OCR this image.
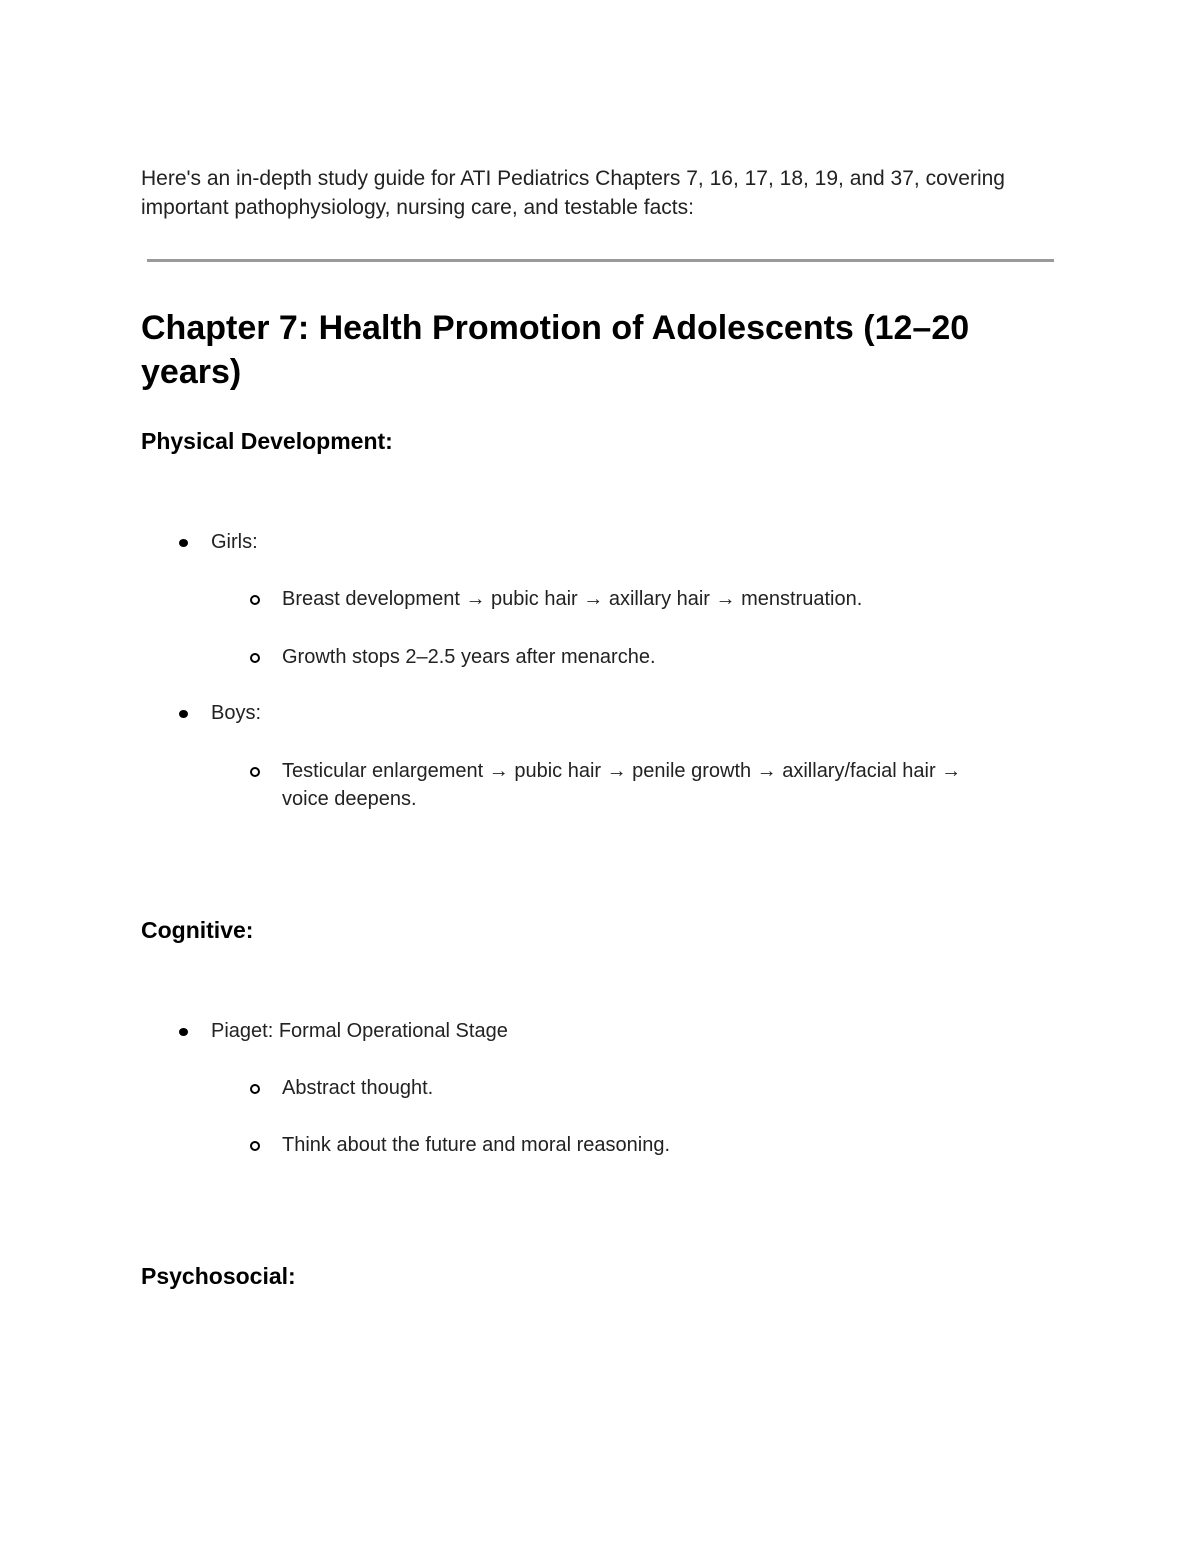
Here's an in-depth study guide for ATI Pediatrics Chapters 7, 16, 17, 18, 19, and 37, covering
important pathophysiology, nursing care, and testable facts:

Chapter 7: Health Promotion of Adolescents (12–20
years)
Physical Development:
Girls:
Breast development → pubic hair → axillary hair → menstruation.
Growth stops 2–2.5 years after menarche.
Boys:
Testicular enlargement → pubic hair → penile growth → axillary/facial hair →
voice deepens.
Cognitive:
Piaget: Formal Operational Stage
Abstract thought.
Think about the future and moral reasoning.
Psychosocial:
